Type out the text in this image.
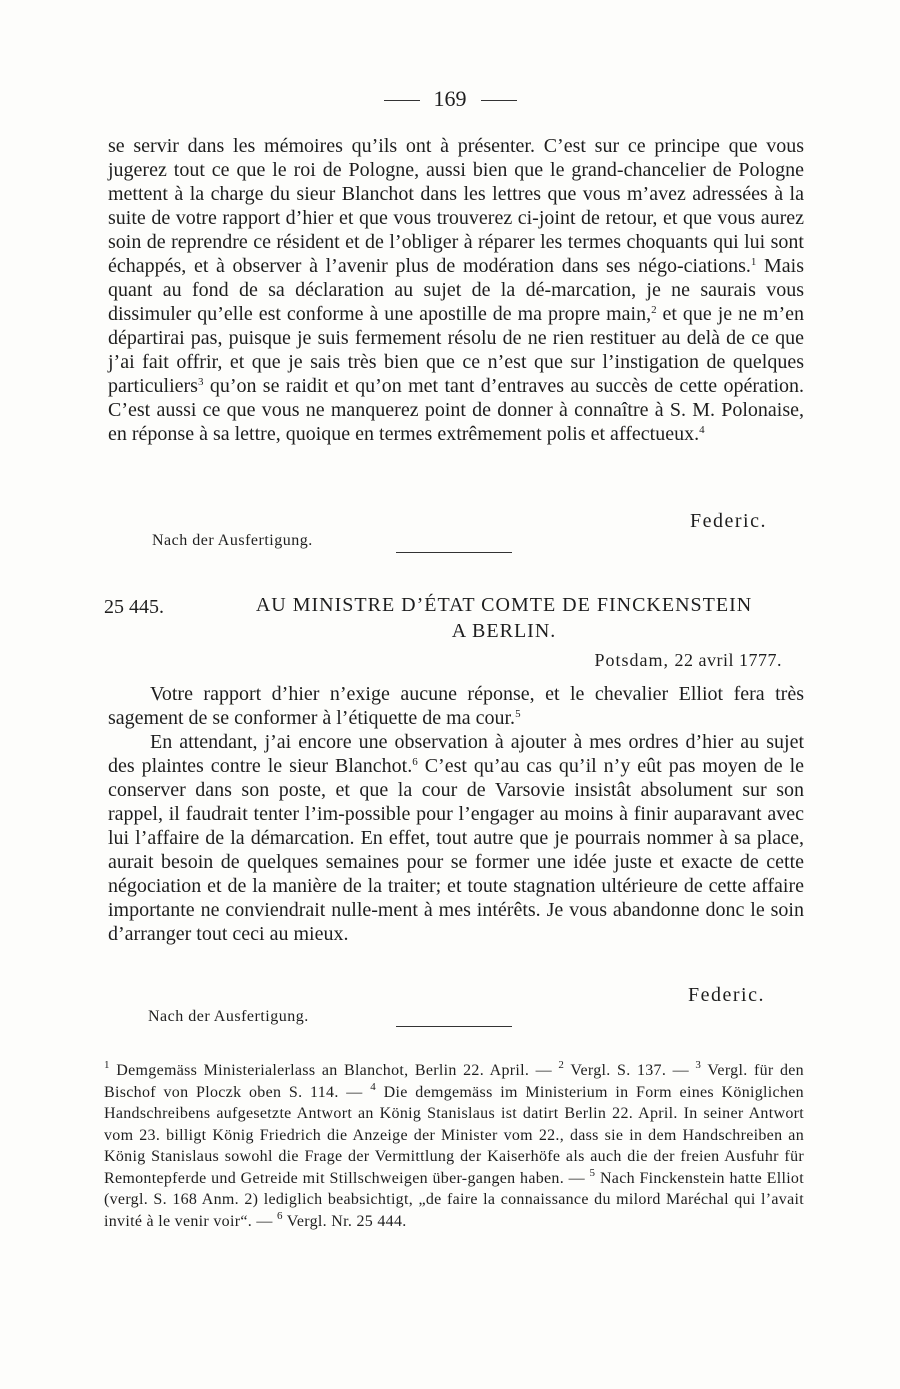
169

se servir dans les mémoires qu’ils ont à présenter. C’est sur ce principe que vous jugerez tout ce que le roi de Pologne, aussi bien que le grand-chancelier de Pologne mettent à la charge du sieur Blanchot dans les lettres que vous m’avez adressées à la suite de votre rapport d’hier et que vous trouverez ci-joint de retour, et que vous aurez soin de reprendre ce résident et de l’obliger à réparer les termes choquants qui lui sont échappés, et à observer à l’avenir plus de modération dans ses négo-ciations.$^1$ Mais quant au fond de sa déclaration au sujet de la dé-marcation, je ne saurais vous dissimuler qu’elle est conforme à une apostille de ma propre main,$^2$ et que je ne m’en départirai pas, puisque je suis fermement résolu de ne rien restituer au delà de ce que j’ai fait offrir, et que je sais très bien que ce n’est que sur l’instigation de quelques particuliers$^3$ qu’on se raidit et qu’on met tant d’entraves au succès de cette opération. C’est aussi ce que vous ne manquerez point de donner à connaître à S. M. Polonaise, en réponse à sa lettre, quoique en termes extrêmement polis et affectueux.$^4$

Federic.
Nach der Ausfertigung.
25 445.	AU MINISTRE D’ÉTAT COMTE DE FINCKENSTEIN
A BERLIN.
Potsdam, 22 avril 1777.

Votre rapport d’hier n’exige aucune réponse, et le chevalier Elliot fera très sagement de se conformer à l’étiquette de ma cour.$^5$

En attendant, j’ai encore une observation à ajouter à mes ordres d’hier au sujet des plaintes contre le sieur Blanchot.$^6$ C’est qu’au cas qu’il n’y eût pas moyen de le conserver dans son poste, et que la cour de Varsovie insistât absolument sur son rappel, il faudrait tenter l’im-possible pour l’engager au moins à finir auparavant avec lui l’affaire de la démarcation. En effet, tout autre que je pourrais nommer à sa place, aurait besoin de quelques semaines pour se former une idée juste et exacte de cette négociation et de la manière de la traiter; et toute stagnation ultérieure de cette affaire importante ne conviendrait nulle-ment à mes intérêts. Je vous abandonne donc le soin d’arranger tout ceci au mieux.

Federic.
Nach der Ausfertigung.

$^1$ Demgemäss Ministerialerlass an Blanchot, Berlin 22. April. — $^2$ Vergl. S. 137. — $^3$ Vergl. für den Bischof von Ploczk oben S. 114. — $^4$ Die demgemäss im Ministerium in Form eines Königlichen Handschreibens aufgesetzte Antwort an König Stanislaus ist datirt Berlin 22. April. In seiner Antwort vom 23. billigt König Friedrich die Anzeige der Minister vom 22., dass sie in dem Handschreiben an König Stanislaus sowohl die Frage der Vermittlung der Kaiserhöfe als auch die der freien Ausfuhr für Remontepferde und Getreide mit Stillschweigen über-gangen haben. — $^5$ Nach Finckenstein hatte Elliot (vergl. S. 168 Anm. 2) lediglich beabsichtigt, „de faire la connaissance du milord Maréchal qui l’avait invité à le venir voir“. — $^6$ Vergl. Nr. 25 444.
